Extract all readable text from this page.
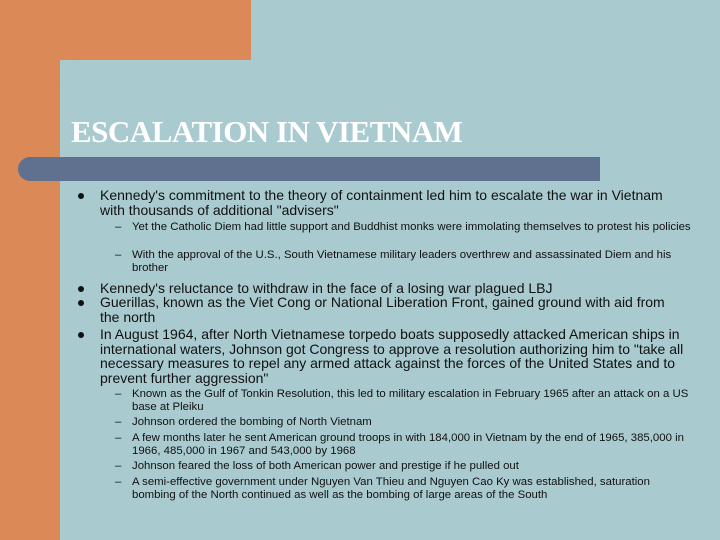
ESCALATION IN VIETNAM
Kennedy's commitment to the theory of containment led him to escalate the war in Vietnam with thousands of additional "advisers"
– Yet the Catholic Diem had little support and Buddhist monks were immolating themselves to protest his policies
– With the approval of the U.S., South Vietnamese military leaders overthrew and assassinated Diem and his brother
Kennedy's reluctance to withdraw in the face of a losing war plagued LBJ
Guerillas, known as the Viet Cong or National Liberation Front, gained ground with aid from the north
In August 1964, after North Vietnamese torpedo boats supposedly attacked American ships in international waters, Johnson got Congress to approve a resolution authorizing him to "take all necessary measures to repel any armed attack against the forces of the United States and to prevent further aggression"
– Known as the Gulf of Tonkin Resolution, this led to military escalation in February 1965 after an attack on a US base at Pleiku
– Johnson ordered the bombing of North Vietnam
– A few months later he sent American ground troops in with 184,000 in Vietnam by the end of 1965, 385,000 in 1966, 485,000 in 1967 and 543,000 by 1968
– Johnson feared the loss of both American power and prestige if he pulled out
– A semi-effective government under Nguyen Van Thieu and Nguyen Cao Ky was established, saturation bombing of the North continued as well as the bombing of large areas of the South
